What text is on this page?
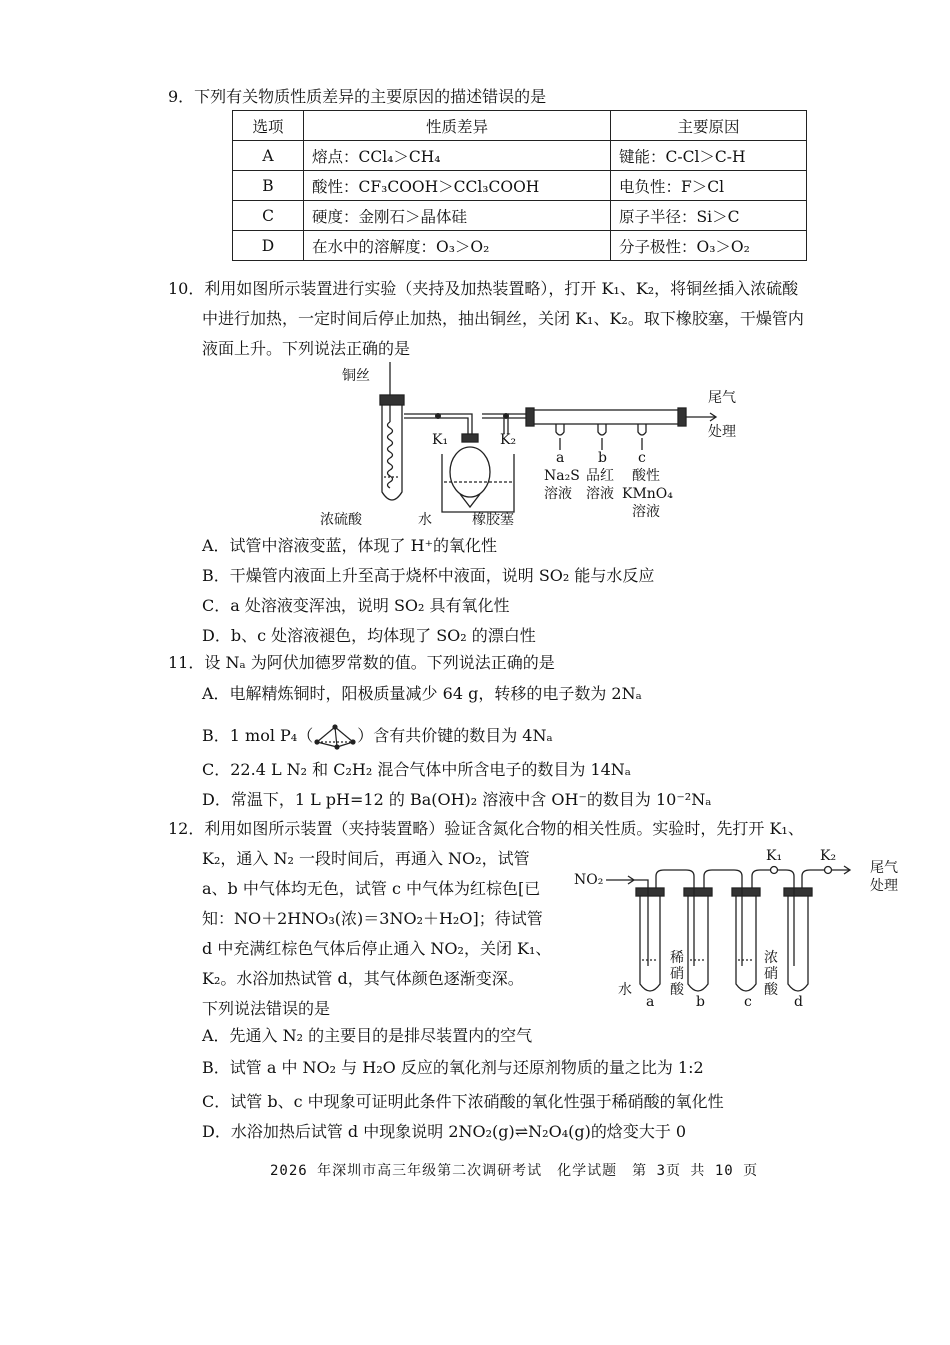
9．下列有关物质性质差异的主要原因的描述错误的是
选项	性质差异	主要原因
A	熔点：CCl₄＞CH₄	键能：C-Cl＞C-H
B	酸性：CF₃COOH＞CCl₃COOH	电负性：F＞Cl
C	硬度：金刚石＞晶体硅	原子半径：Si＞C
D	在水中的溶解度：O₃＞O₂	分子极性：O₃＞O₂
10．利用如图所示装置进行实验（夹持及加热装置略），打开 K₁、K₂，将铜丝插入浓硫酸
中进行加热，一定时间后停止加热，抽出铜丝，关闭 K₁、K₂。取下橡胶塞，干燥管内
液面上升。下列说法正确的是
铜丝
浓硫酸	水	橡胶塞
K₁	K₂
a b c
Na₂S
溶液
品红
溶液
酸性
KMnO₄
溶液
尾气
处理
A．试管中溶液变蓝，体现了 H⁺的氧化性
B．干燥管内液面上升至高于烧杯中液面，说明 SO₂ 能与水反应
C．a 处溶液变浑浊，说明 SO₂ 具有氧化性
D．b、c 处溶液褪色，均体现了 SO₂ 的漂白性
11．设 Nₐ 为阿伏加德罗常数的值。下列说法正确的是
A．电解精炼铜时，阳极质量减少 64 g，转移的电子数为 2Nₐ
B．1 mol P₄（	）含有共价键的数目为 4Nₐ
C．22.4 L N₂ 和 C₂H₂ 混合气体中所含电子的数目为 14Nₐ
D．常温下，1 L pH=12 的 Ba(OH)₂ 溶液中含 OH⁻的数目为 10⁻²Nₐ
12．利用如图所示装置（夹持装置略）验证含氮化合物的相关性质。实验时，先打开 K₁、
K₂，通入 N₂ 一段时间后，再通入 NO₂，试管
a、b 中气体均无色，试管 c 中气体为红棕色[已
知：NO＋2HNO₃(浓)＝3NO₂＋H₂O]；待试管
d 中充满红棕色气体后停止通入 NO₂，关闭 K₁、
K₂。水浴加热试管 d，其气体颜色逐渐变深。
下列说法错误的是
NO₂
K₁	K₂
尾气
处理
水
稀
硝
酸
浓
硝
酸
a	b	c	d
A．先通入 N₂ 的主要目的是排尽装置内的空气
B．试管 a 中 NO₂ 与 H₂O 反应的氧化剂与还原剂物质的量之比为 1:2
C．试管 b、c 中现象可证明此条件下浓硝酸的氧化性强于稀硝酸的氧化性
D．水浴加热后试管 d 中现象说明 2NO₂(g)⇌N₂O₄(g)的焓变大于 0
2026 年深圳市高三年级第二次调研考试　化学试题　第 3页 共 10 页
